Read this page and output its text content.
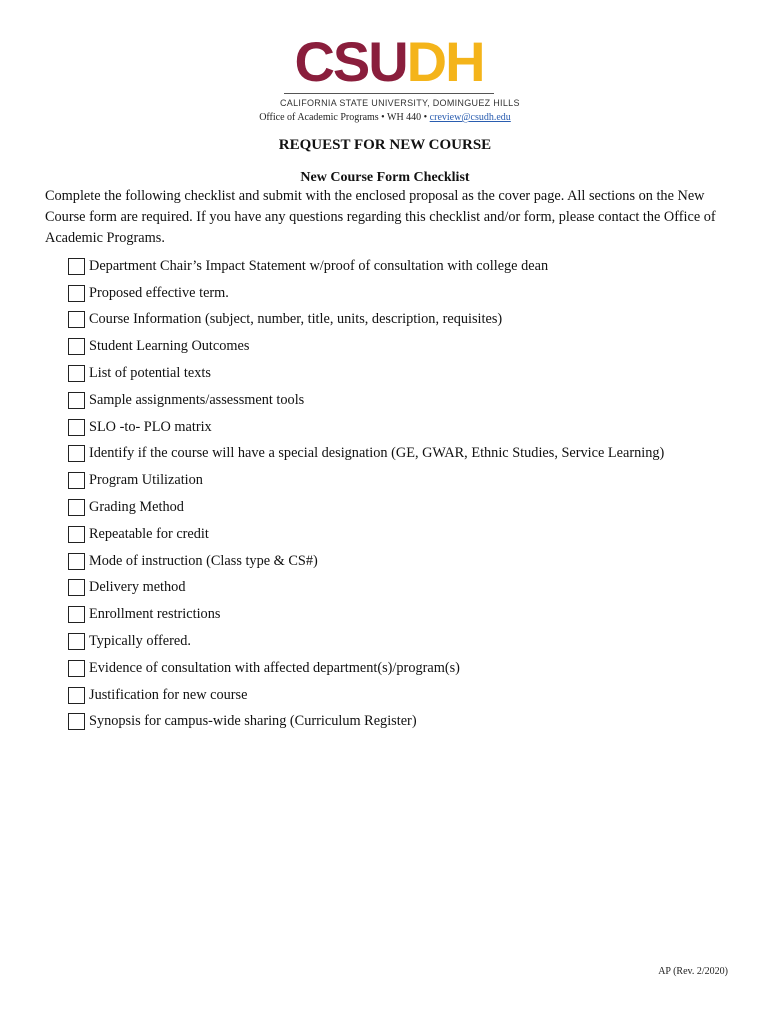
CSUDH
CALIFORNIA STATE UNIVERSITY, DOMINGUEZ HILLS
Office of Academic Programs • WH 440 • creview@csudh.edu
REQUEST FOR NEW COURSE
New Course Form Checklist
Complete the following checklist and submit with the enclosed proposal as the cover page. All sections on the New Course form are required. If you have any questions regarding this checklist and/or form, please contact the Office of Academic Programs.
Department Chair’s Impact Statement w/proof of consultation with college dean
Proposed effective term.
Course Information (subject, number, title, units, description, requisites)
Student Learning Outcomes
List of potential texts
Sample assignments/assessment tools
SLO -to- PLO matrix
Identify if the course will have a special designation (GE, GWAR, Ethnic Studies, Service Learning)
Program Utilization
Grading Method
Repeatable for credit
Mode of instruction (Class type & CS#)
Delivery method
Enrollment restrictions
Typically offered.
Evidence of consultation with affected department(s)/program(s)
Justification for new course
Synopsis for campus-wide sharing (Curriculum Register)
AP (Rev. 2/2020)
